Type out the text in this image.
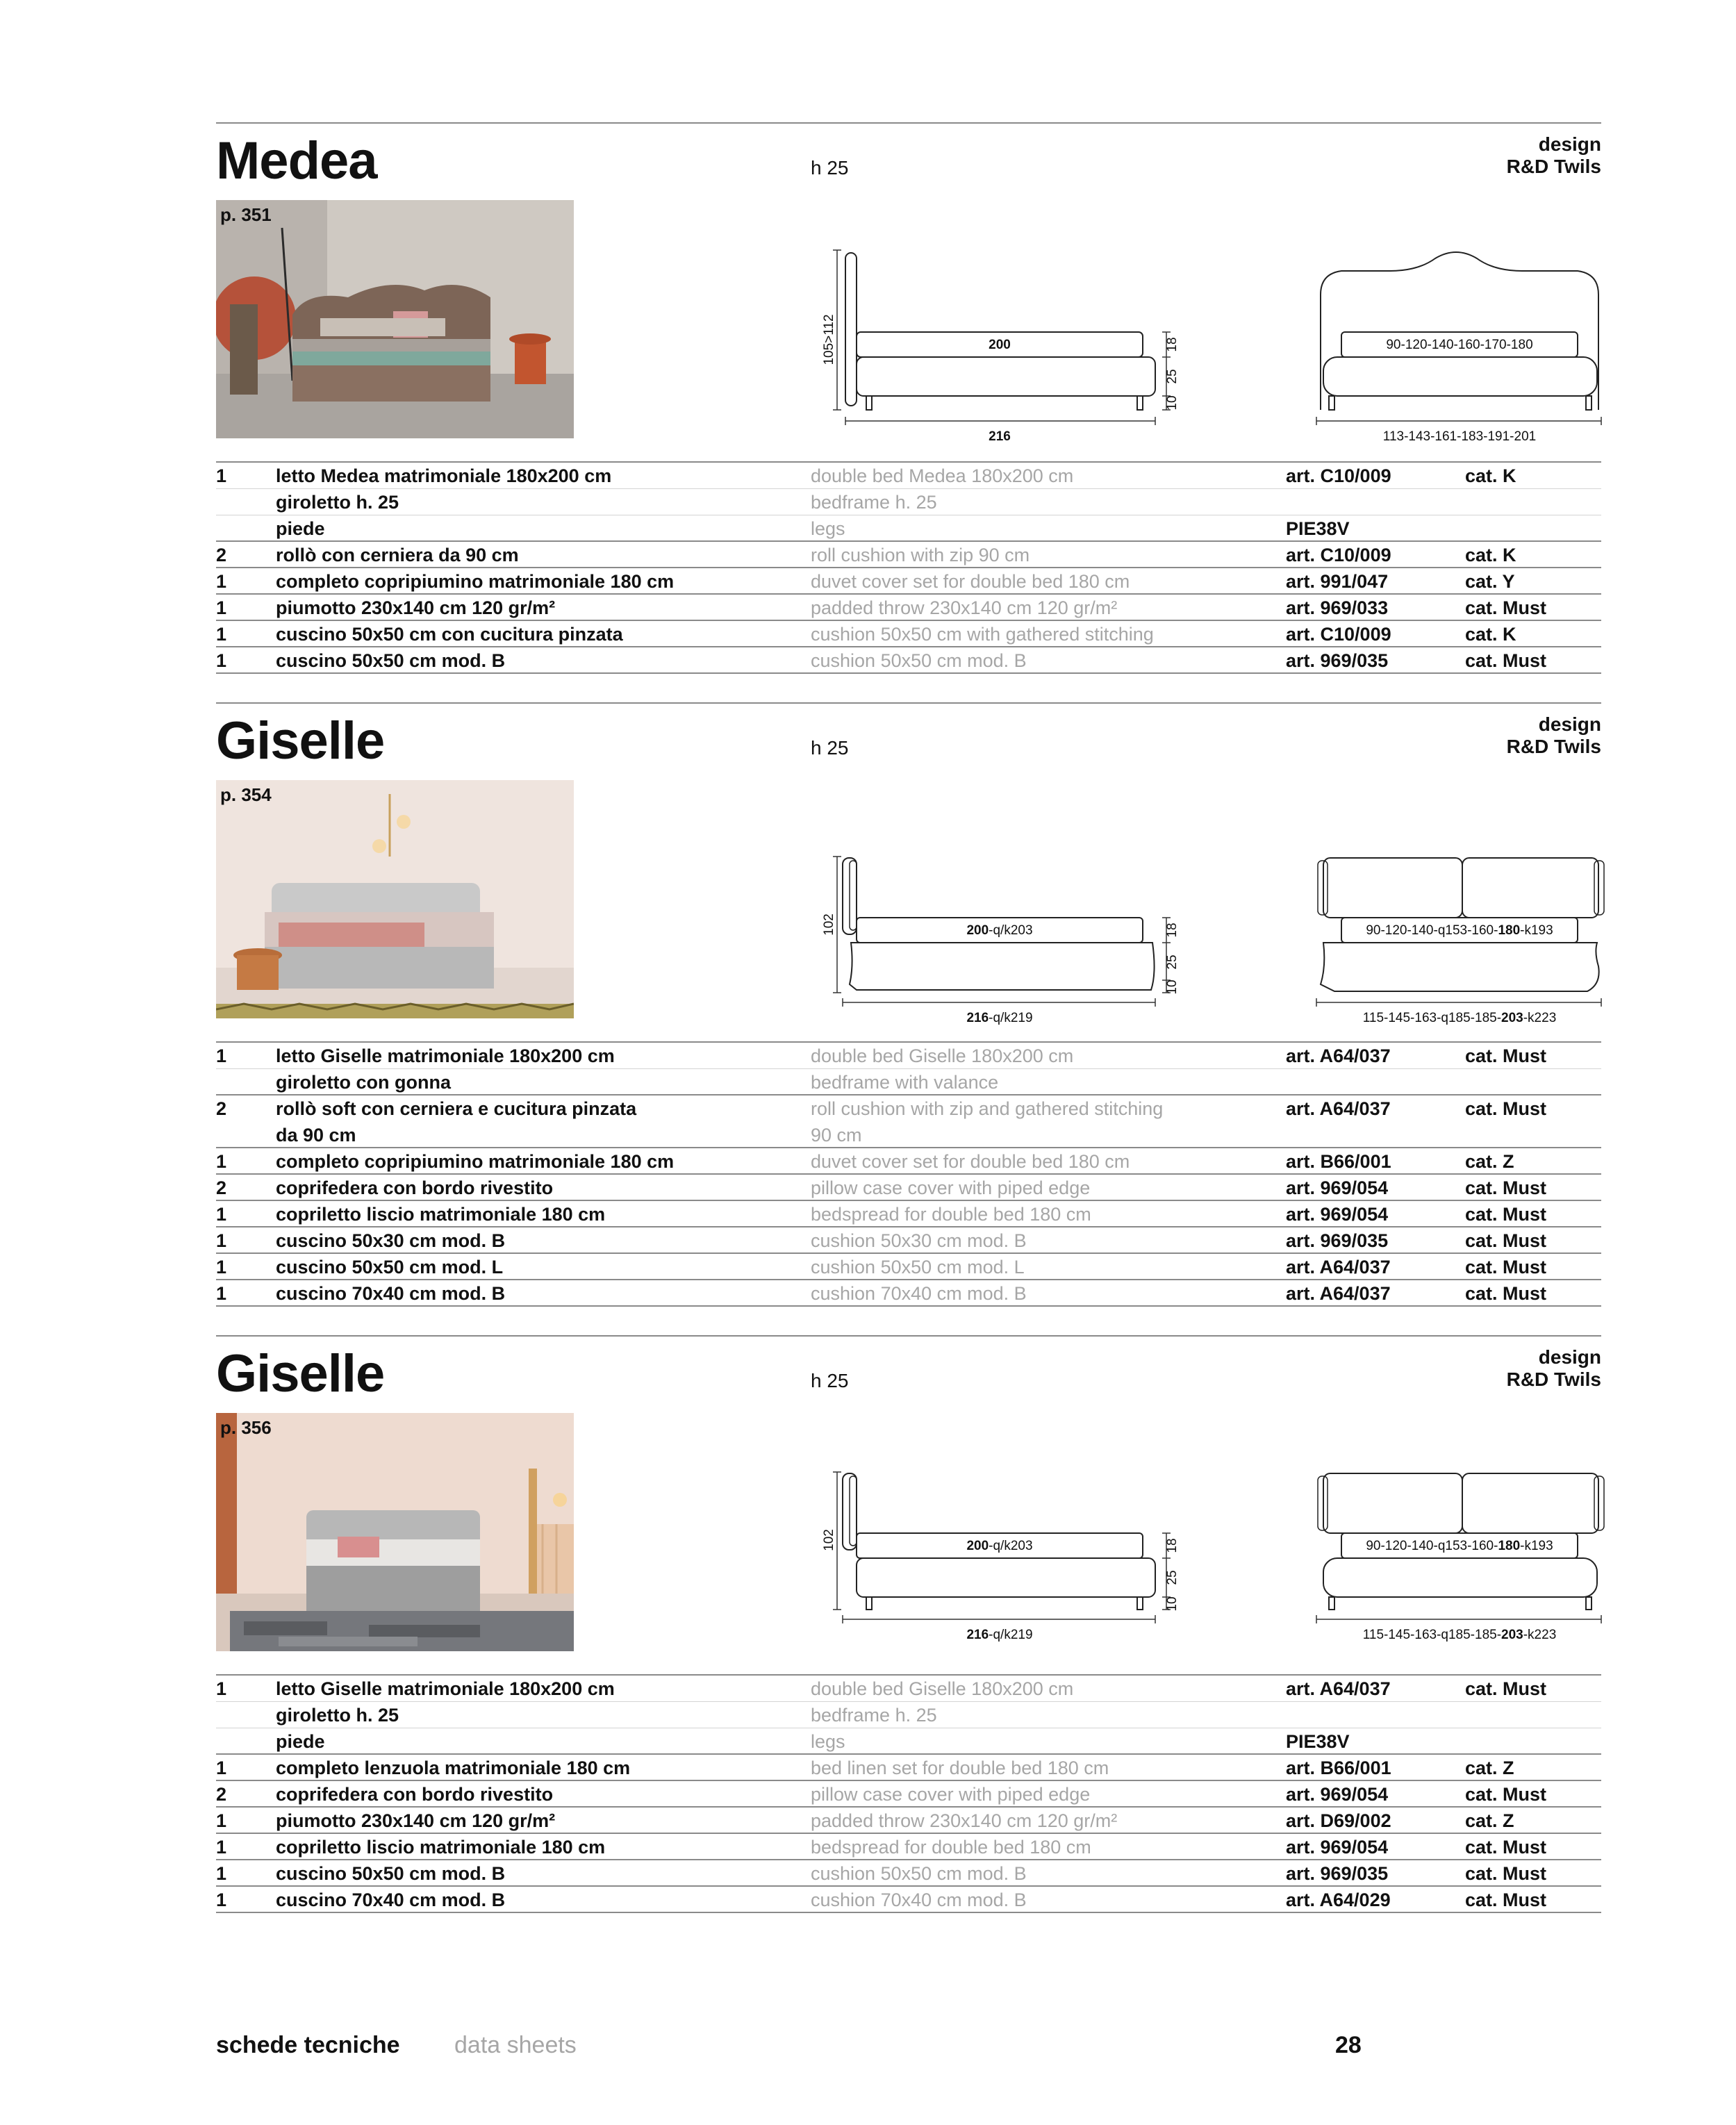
Medea	h 25
design
R&D Twils
p. 351
105>112	200	18
25
10
216
90-120-140-160-170-180
113-143-161-183-191-201
1	letto Medea matrimoniale 180x200 cm	double bed Medea 180x200 cm	art. C10/009	cat. K
giroletto h. 25	bedframe h. 25
piede	legs	PIE38V
2	rollò con cerniera da 90 cm	roll cushion with zip 90 cm	art. C10/009	cat. K
1	completo copripiumino matrimoniale 180 cm	duvet cover set for double bed 180 cm	art. 991/047	cat. Y
1	piumotto 230x140 cm 120 gr/m²	padded throw 230x140 cm 120 gr/m²	art. 969/033	cat. Must
1	cuscino 50x50 cm con cucitura pinzata	cushion 50x50 cm with gathered stitching	art. C10/009	cat. K
1	cuscino 50x50 cm mod. B	cushion 50x50 cm mod. B	art. 969/035	cat. Must
Giselle	h 25
design
R&D Twils
p. 354
102	200-q/k203	18
25
10
216-q/k219
90-120-140-q153-160-180-k193
115-145-163-q185-185-203-k223
1	letto Giselle matrimoniale 180x200 cm	double bed Giselle 180x200 cm	art. A64/037	cat. Must
giroletto con gonna	bedframe with valance
2	rollò soft con cerniera e cucitura pinzata	roll cushion with zip and gathered stitching	art. A64/037	cat. Must
da 90 cm	90 cm
1	completo copripiumino matrimoniale 180 cm	duvet cover set for double bed 180 cm	art. B66/001	cat. Z
2	coprifedera con bordo rivestito	pillow case cover with piped edge	art. 969/054	cat. Must
1	copriletto liscio matrimoniale 180 cm	bedspread for double bed 180 cm	art. 969/054	cat. Must
1	cuscino 50x30 cm mod. B	cushion 50x30 cm mod. B	art. 969/035	cat. Must
1	cuscino 50x50 cm mod. L	cushion 50x50 cm mod. L	art. A64/037	cat. Must
1	cuscino 70x40 cm mod. B	cushion 70x40 cm mod. B	art. A64/037	cat. Must
Giselle	h 25
design
R&D Twils
p. 356
102	200-q/k203	18
25
10
216-q/k219
90-120-140-q153-160-180-k193
115-145-163-q185-185-203-k223
1	letto Giselle matrimoniale 180x200 cm	double bed Giselle 180x200 cm	art. A64/037	cat. Must
giroletto h. 25	bedframe h. 25
piede	legs	PIE38V
1	completo lenzuola matrimoniale 180 cm	bed linen set for double bed 180 cm	art. B66/001	cat. Z
2	coprifedera con bordo rivestito	pillow case cover with piped edge	art. 969/054	cat. Must
1	piumotto 230x140 cm 120 gr/m²	padded throw 230x140 cm 120 gr/m²	art. D69/002	cat. Z
1	copriletto liscio matrimoniale 180 cm	bedspread for double bed 180 cm	art. 969/054	cat. Must
1	cuscino 50x50 cm mod. B	cushion 50x50 cm mod. B	art. 969/035	cat. Must
1	cuscino 70x40 cm mod. B	cushion 70x40 cm mod. B	art. A64/029	cat. Must
schede tecniche data sheets	28
